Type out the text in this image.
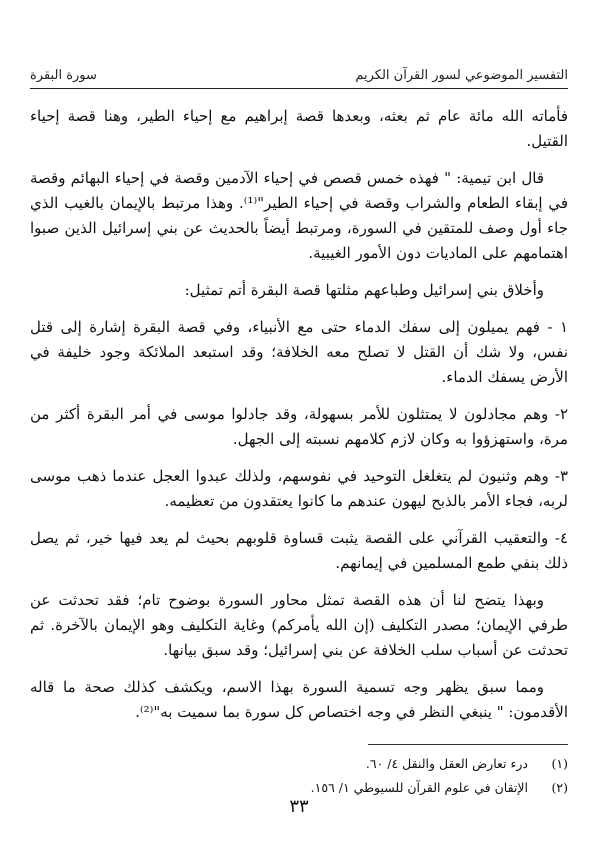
سورة البقرة	التفسير الموضوعي لسور القرآن الكريم

فأماته الله مائة عام ثم بعثه، وبعدها قصة إبراهيم مع إحياء الطير، وهنا قصة إحياء القتيل.

قال ابن تيمية: " فهذه خمس قصص في إحياء الآدمين وقصة في إحياء البهائم وقصة في إبقاء الطعام والشراب وقصة في إحياء الطير"⁽¹⁾. وهذا مرتبط بالإيمان بالغيب الذي جاء أول وصف للمتقين في السورة، ومرتبط أيضاً بالحديث عن بني إسرائيل الذين صبوا اهتمامهم على الماديات دون الأمور الغيبية.

وأخلاق بني إسرائيل وطباعهم مثلتها قصة البقرة أتم تمثيل:

١ - فهم يميلون إلى سفك الدماء حتى مع الأنبياء، وفي قصة البقرة إشارة إلى قتل نفس، ولا شك أن القتل لا تصلح معه الخلافة؛ وقد استبعد الملائكة وجود خليفة في الأرض يسفك الدماء.

٢- وهم مجادلون لا يمتثلون للأمر بسهولة، وقد جادلوا موسى في أمر البقرة أكثر من مرة، واستهزؤوا به وكان لازم كلامهم نسبته إلى الجهل.

٣- وهم وثنيون لم يتغلغل التوحيد في نفوسهم، ولذلك عبدوا العجل عندما ذهب موسى لربه، فجاء الأمر بالذبح ليهون عندهم ما كانوا يعتقدون من تعظيمه.

٤- والتعقيب القرآني على القصة يثبت قساوة قلوبهم بحيث لم يعد فيها خير، ثم يصل ذلك بنفي طمع المسلمين في إيمانهم.

وبهذا يتضح لنا أن هذه القصة تمثل محاور السورة بوضوح تام؛ فقد تحدثت عن طرفي الإيمان؛ مصدر التكليف (إن الله يأمركم) وغاية التكليف وهو الإيمان بالآخرة. ثم تحدثت عن أسباب سلب الخلافة عن بني إسرائيل؛ وقد سبق بيانها.

ومما سبق يظهر وجه تسمية السورة بهذا الاسم، ويكشف كذلك صحة ما قاله الأقدمون: " ينبغي النظر في وجه اختصاص كل سورة بما سميت به"⁽²⁾.

(١)
درء تعارض العقل والنقل ٤/ ٦٠.
(٢)
الإتقان في علوم القرآن للسيوطي ١/ ١٥٦.
٣٣
